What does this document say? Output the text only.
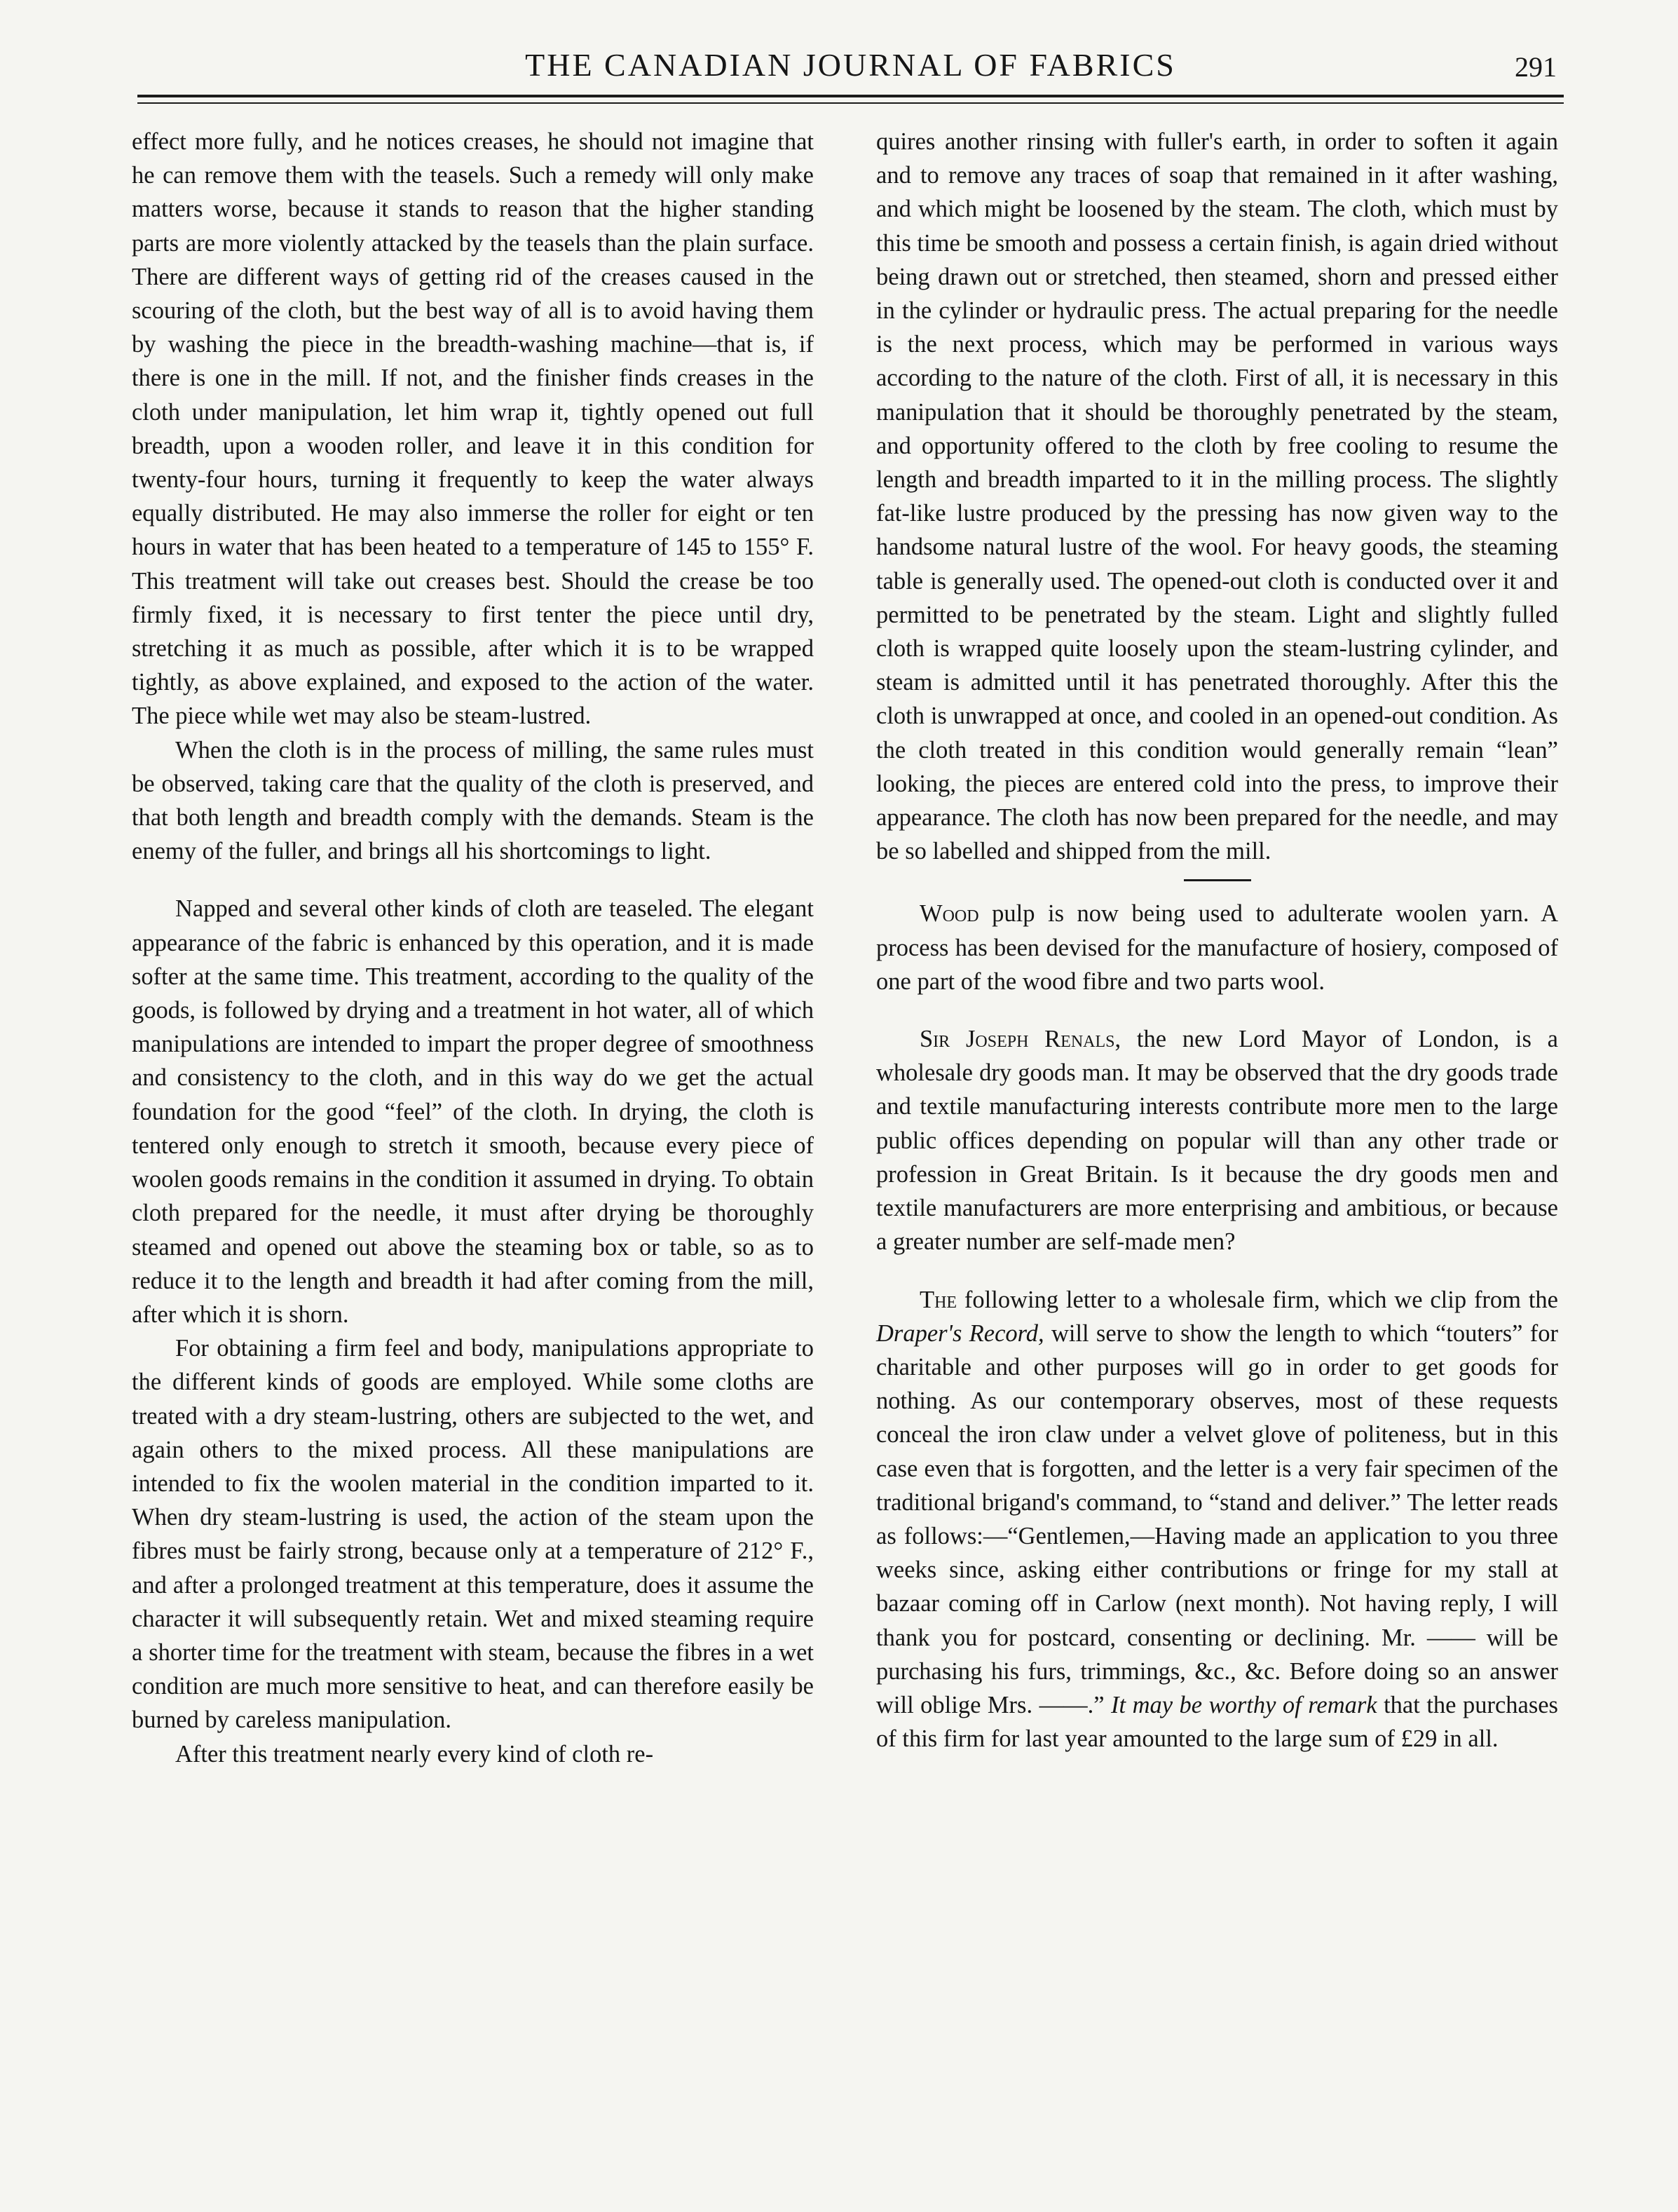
THE CANADIAN JOURNAL OF FABRICS	291

effect more fully, and he notices creases, he should not imagine that he can remove them with the teasels. Such a remedy will only make matters worse, because it stands to reason that the higher standing parts are more violently attacked by the teasels than the plain surface. There are different ways of getting rid of the creases caused in the scouring of the cloth, but the best way of all is to avoid having them by washing the piece in the breadth-washing machine—that is, if there is one in the mill. If not, and the finisher finds creases in the cloth under manipulation, let him wrap it, tightly opened out full breadth, upon a wooden roller, and leave it in this condition for twenty-four hours, turning it frequently to keep the water always equally distributed. He may also immerse the roller for eight or ten hours in water that has been heated to a temperature of 145 to 155° F. This treatment will take out creases best. Should the crease be too firmly fixed, it is necessary to first tenter the piece until dry, stretching it as much as possible, after which it is to be wrapped tightly, as above explained, and exposed to the action of the water. The piece while wet may also be steam-lustred.

When the cloth is in the process of milling, the same rules must be observed, taking care that the quality of the cloth is preserved, and that both length and breadth comply with the demands. Steam is the enemy of the fuller, and brings all his shortcomings to light.

Napped and several other kinds of cloth are teaseled. The elegant appearance of the fabric is enhanced by this operation, and it is made softer at the same time. This treatment, according to the quality of the goods, is followed by drying and a treatment in hot water, all of which manipulations are intended to impart the proper degree of smoothness and consistency to the cloth, and in this way do we get the actual foundation for the good “feel” of the cloth. In drying, the cloth is tentered only enough to stretch it smooth, because every piece of woolen goods remains in the condition it assumed in drying. To obtain cloth prepared for the needle, it must after drying be thoroughly steamed and opened out above the steaming box or table, so as to reduce it to the length and breadth it had after coming from the mill, after which it is shorn.

For obtaining a firm feel and body, manipulations appropriate to the different kinds of goods are employed. While some cloths are treated with a dry steam-lustring, others are subjected to the wet, and again others to the mixed process. All these manipulations are intended to fix the woolen material in the condition imparted to it. When dry steam-lustring is used, the action of the steam upon the fibres must be fairly strong, because only at a temperature of 212° F., and after a prolonged treatment at this temperature, does it assume the character it will subsequently retain. Wet and mixed steaming require a shorter time for the treatment with steam, because the fibres in a wet condition are much more sensitive to heat, and can therefore easily be burned by careless manipulation.

After this treatment nearly every kind of cloth re-

quires another rinsing with fuller's earth, in order to soften it again and to remove any traces of soap that remained in it after washing, and which might be loosened by the steam. The cloth, which must by this time be smooth and possess a certain finish, is again dried without being drawn out or stretched, then steamed, shorn and pressed either in the cylinder or hydraulic press. The actual preparing for the needle is the next process, which may be performed in various ways according to the nature of the cloth. First of all, it is necessary in this manipulation that it should be thoroughly penetrated by the steam, and opportunity offered to the cloth by free cooling to resume the length and breadth imparted to it in the milling process. The slightly fat-like lustre produced by the pressing has now given way to the handsome natural lustre of the wool. For heavy goods, the steaming table is generally used. The opened-out cloth is conducted over it and permitted to be penetrated by the steam. Light and slightly fulled cloth is wrapped quite loosely upon the steam-lustring cylinder, and steam is admitted until it has penetrated thoroughly. After this the cloth is unwrapped at once, and cooled in an opened-out condition. As the cloth treated in this condition would generally remain “lean” looking, the pieces are entered cold into the press, to improve their appearance. The cloth has now been prepared for the needle, and may be so labelled and shipped from the mill.

Wood pulp is now being used to adulterate woolen yarn. A process has been devised for the manufacture of hosiery, composed of one part of the wood fibre and two parts wool.

Sir Joseph Renals, the new Lord Mayor of London, is a wholesale dry goods man. It may be observed that the dry goods trade and textile manufacturing interests contribute more men to the large public offices depending on popular will than any other trade or profession in Great Britain. Is it because the dry goods men and textile manufacturers are more enterprising and ambitious, or because a greater number are self-made men?

The following letter to a wholesale firm, which we clip from the Draper's Record, will serve to show the length to which “touters” for charitable and other purposes will go in order to get goods for nothing. As our contemporary observes, most of these requests conceal the iron claw under a velvet glove of politeness, but in this case even that is forgotten, and the letter is a very fair specimen of the traditional brigand's command, to “stand and deliver.” The letter reads as follows:—“Gentlemen,—Having made an application to you three weeks since, asking either contributions or fringe for my stall at bazaar coming off in Carlow (next month). Not having reply, I will thank you for postcard, consenting or declining. Mr. —— will be purchasing his furs, trimmings, &c., &c. Before doing so an answer will oblige Mrs. ——.” It may be worthy of remark that the purchases of this firm for last year amounted to the large sum of £29 in all.
